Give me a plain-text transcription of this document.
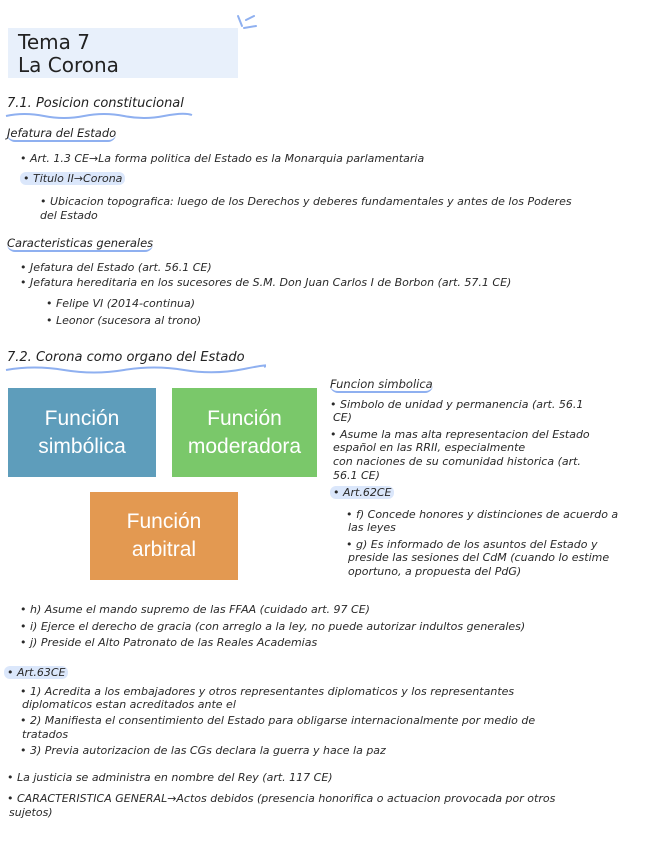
Tema 7
La Corona
7.1. Posicion constitucional
Jefatura del Estado
• Art. 1.3 CE→La forma politica del Estado es la Monarquia parlamentaria
• Titulo II→Corona
• Ubicacion topografica: luego de los Derechos y deberes fundamentales y antes de los Poderes
del Estado
Caracteristicas generales
• Jefatura del Estado (art. 56.1 CE)
• Jefatura hereditaria en los sucesores de S.M. Don Juan Carlos I de Borbon (art. 57.1 CE)
• Felipe VI (2014-continua)
• Leonor (sucesora al trono)
7.2. Corona como organo del Estado
Función
simbólica
Función
moderadora
Función
arbitral
Funcion simbolica
• Simbolo de unidad y permanencia (art. 56.1
CE)
• Asume la mas alta representacion del Estado
español en las RRII, especialmente
con naciones de su comunidad historica (art.
56.1 CE)
• Art.62CE
• f) Concede honores y distinciones de acuerdo a
las leyes
• g) Es informado de los asuntos del Estado y
preside las sesiones del CdM (cuando lo estime
oportuno, a propuesta del PdG)
• h) Asume el mando supremo de las FFAA (cuidado art. 97 CE)
• i) Ejerce el derecho de gracia (con arreglo a la ley, no puede autorizar indultos generales)
• j) Preside el Alto Patronato de las Reales Academias
• Art.63CE
• 1) Acredita a los embajadores y otros representantes diplomaticos y los representantes
diplomaticos estan acreditados ante el
• 2) Manifiesta el consentimiento del Estado para obligarse internacionalmente por medio de
tratados
• 3) Previa autorizacion de las CGs declara la guerra y hace la paz
• La justicia se administra en nombre del Rey (art. 117 CE)
• CARACTERISTICA GENERAL→Actos debidos (presencia honorifica o actuacion provocada por otros
sujetos)
